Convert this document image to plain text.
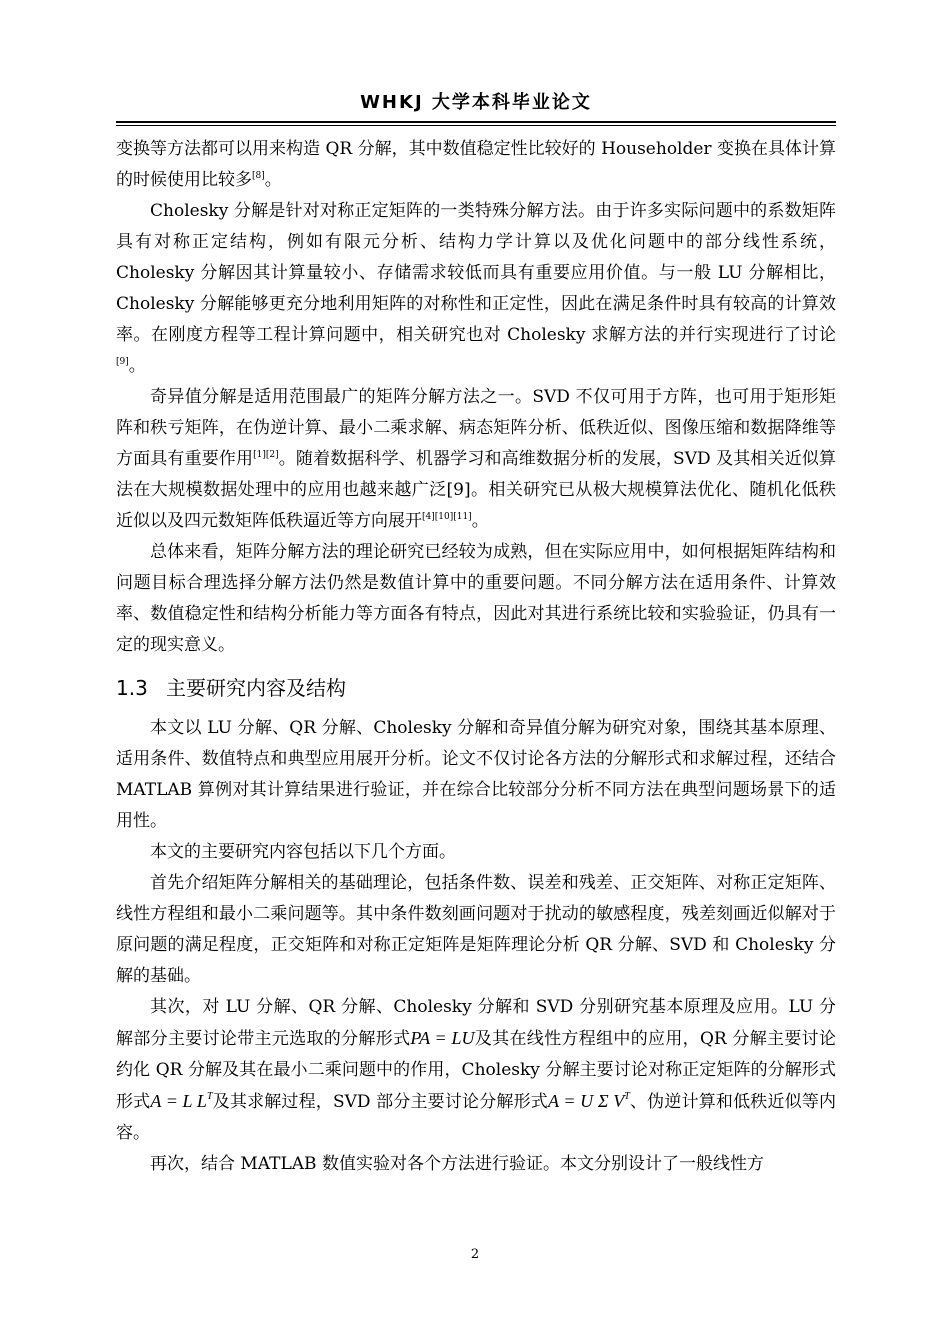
WHKJ 大学本科毕业论文

变换等方法都可以用来构造 QR 分解，其中数值稳定性比较好的 Householder 变换在具体计算的时候使用比较多[8]。

Cholesky 分解是针对对称正定矩阵的一类特殊分解方法。由于许多实际问题中的系数矩阵具有对称正定结构，例如有限元分析、结构力学计算以及优化问题中的部分线性系统，Cholesky 分解因其计算量较小、存储需求较低而具有重要应用价值。与一般 LU 分解相比，Cholesky 分解能够更充分地利用矩阵的对称性和正定性，因此在满足条件时具有较高的计算效率。在刚度方程等工程计算问题中，相关研究也对 Cholesky 求解方法的并行实现进行了讨论[9]。

奇异值分解是适用范围最广的矩阵分解方法之一。SVD 不仅可用于方阵，也可用于矩形矩阵和秩亏矩阵，在伪逆计算、最小二乘求解、病态矩阵分析、低秩近似、图像压缩和数据降维等方面具有重要作用[1][2]。随着数据科学、机器学习和高维数据分析的发展，SVD 及其相关近似算法在大规模数据处理中的应用也越来越广泛[9]。相关研究已从极大规模算法优化、随机化低秩近似以及四元数矩阵低秩逼近等方向展开[4][10][11]。

总体来看，矩阵分解方法的理论研究已经较为成熟，但在实际应用中，如何根据矩阵结构和问题目标合理选择分解方法仍然是数值计算中的重要问题。不同分解方法在适用条件、计算效率、数值稳定性和结构分析能力等方面各有特点，因此对其进行系统比较和实验验证，仍具有一定的现实意义。

1.3 主要研究内容及结构

本文以 LU 分解、QR 分解、Cholesky 分解和奇异值分解为研究对象，围绕其基本原理、适用条件、数值特点和典型应用展开分析。论文不仅讨论各方法的分解形式和求解过程，还结合 MATLAB 算例对其计算结果进行验证，并在综合比较部分分析不同方法在典型问题场景下的适用性。

本文的主要研究内容包括以下几个方面。

首先介绍矩阵分解相关的基础理论，包括条件数、误差和残差、正交矩阵、对称正定矩阵、线性方程组和最小二乘问题等。其中条件数刻画问题对于扰动的敏感程度，残差刻画近似解对于原问题的满足程度，正交矩阵和对称正定矩阵是矩阵理论分析 QR 分解、SVD 和 Cholesky 分解的基础。

其次，对 LU 分解、QR 分解、Cholesky 分解和 SVD 分别研究基本原理及应用。LU 分解部分主要讨论带主元选取的分解形式PA = LU及其在线性方程组中的应用，QR 分解主要讨论约化 QR 分解及其在最小二乘问题中的作用，Cholesky 分解主要讨论对称正定矩阵的分解形式形式A = L $L^T$及其求解过程，SVD 部分主要讨论分解形式A = U Σ $V^T$、伪逆计算和低秩近似等内容。

再次，结合 MATLAB 数值实验对各个方法进行验证。本文分别设计了一般线性方

2
